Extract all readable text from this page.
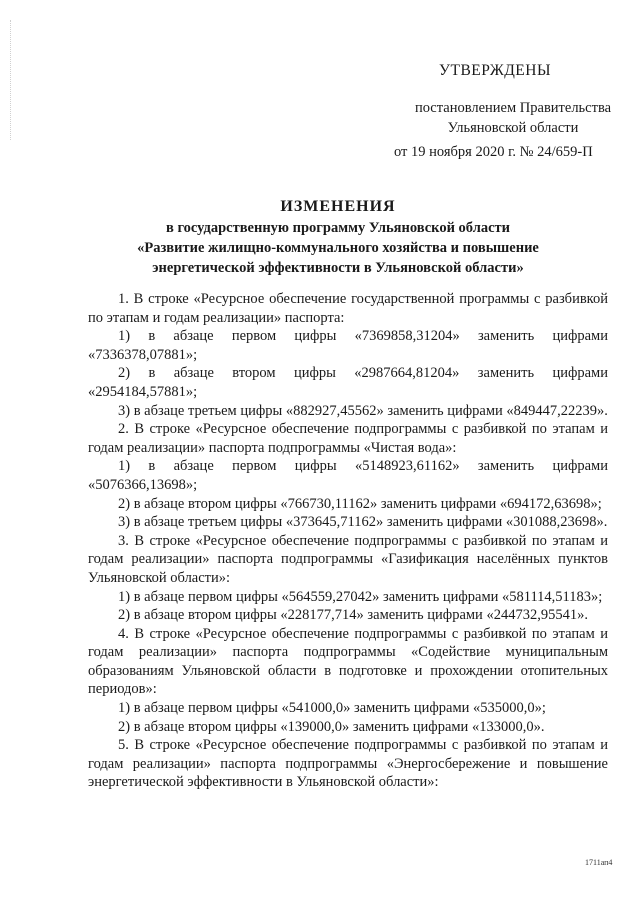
УТВЕРЖДЕНЫ
постановлением Правительства
Ульяновской области
от 19 ноября 2020 г. № 24/659-П
ИЗМЕНЕНИЯ
в государственную программу Ульяновской области
«Развитие жилищно-коммунального хозяйства и повышение
энергетической эффективности в Ульяновской области»

1. В строке «Ресурсное обеспечение государственной программы с разбивкой по этапам и годам реализации» паспорта:

1) в абзаце первом цифры «7369858,31204» заменить цифрами «7336378,07881»;

2) в абзаце втором цифры «2987664,81204» заменить цифрами «2954184,57881»;

3) в абзаце третьем цифры «882927,45562» заменить цифрами «849447,22239».

2. В строке «Ресурсное обеспечение подпрограммы с разбивкой по этапам и годам реализации» паспорта подпрограммы «Чистая вода»:

1) в абзаце первом цифры «5148923,61162» заменить цифрами «5076366,13698»;

2) в абзаце втором цифры «766730,11162» заменить цифрами «694172,63698»;

3) в абзаце третьем цифры «373645,71162» заменить цифрами «301088,23698».

3. В строке «Ресурсное обеспечение подпрограммы с разбивкой по этапам и годам реализации» паспорта подпрограммы «Газификация населённых пунктов Ульяновской области»:

1) в абзаце первом цифры «564559,27042» заменить цифрами «581114,51183»;

2) в абзаце втором цифры «228177,714» заменить цифрами «244732,95541».

4. В строке «Ресурсное обеспечение подпрограммы с разбивкой по этапам и годам реализации» паспорта подпрограммы «Содействие муниципальным образованиям Ульяновской области в подготовке и прохождении отопительных периодов»:

1) в абзаце первом цифры «541000,0» заменить цифрами «535000,0»;

2) в абзаце втором цифры «139000,0» заменить цифрами «133000,0».

5. В строке «Ресурсное обеспечение подпрограммы с разбивкой по этапам и годам реализации» паспорта подпрограммы «Энергосбережение и повышение энергетической эффективности в Ульяновской области»:

1711ап4
